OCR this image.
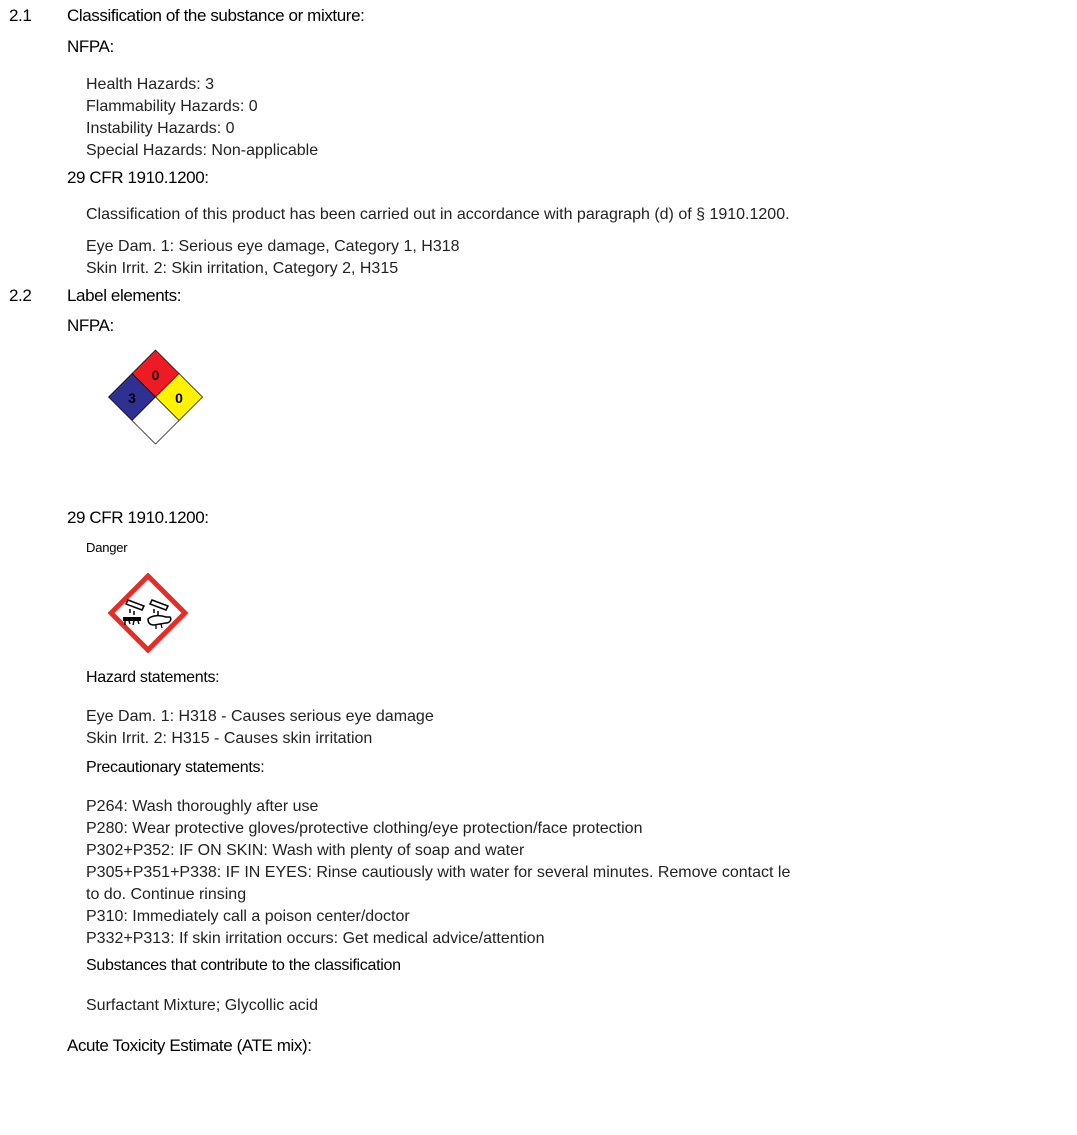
2.1 Classification of the substance or mixture:
NFPA:
Health Hazards: 3
Flammability Hazards: 0
Instability Hazards: 0
Special Hazards: Non-applicable
29 CFR 1910.1200:
Classification of this product has been carried out in accordance with paragraph (d) of § 1910.1200.
Eye Dam. 1: Serious eye damage, Category 1, H318
Skin Irrit. 2: Skin irritation, Category 2, H315
2.2 Label elements:
NFPA:
0
3	0
29 CFR 1910.1200:
Danger
Hazard statements:
Eye Dam. 1: H318 - Causes serious eye damage
Skin Irrit. 2: H315 - Causes skin irritation
Precautionary statements:
P264: Wash thoroughly after use
P280: Wear protective gloves/protective clothing/eye protection/face protection
P302+P352: IF ON SKIN: Wash with plenty of soap and water
P305+P351+P338: IF IN EYES: Rinse cautiously with water for several minutes. Remove contact le
to do. Continue rinsing
P310: Immediately call a poison center/doctor
P332+P313: If skin irritation occurs: Get medical advice/attention
Substances that contribute to the classification
Surfactant Mixture; Glycollic acid
Acute Toxicity Estimate (ATE mix):
